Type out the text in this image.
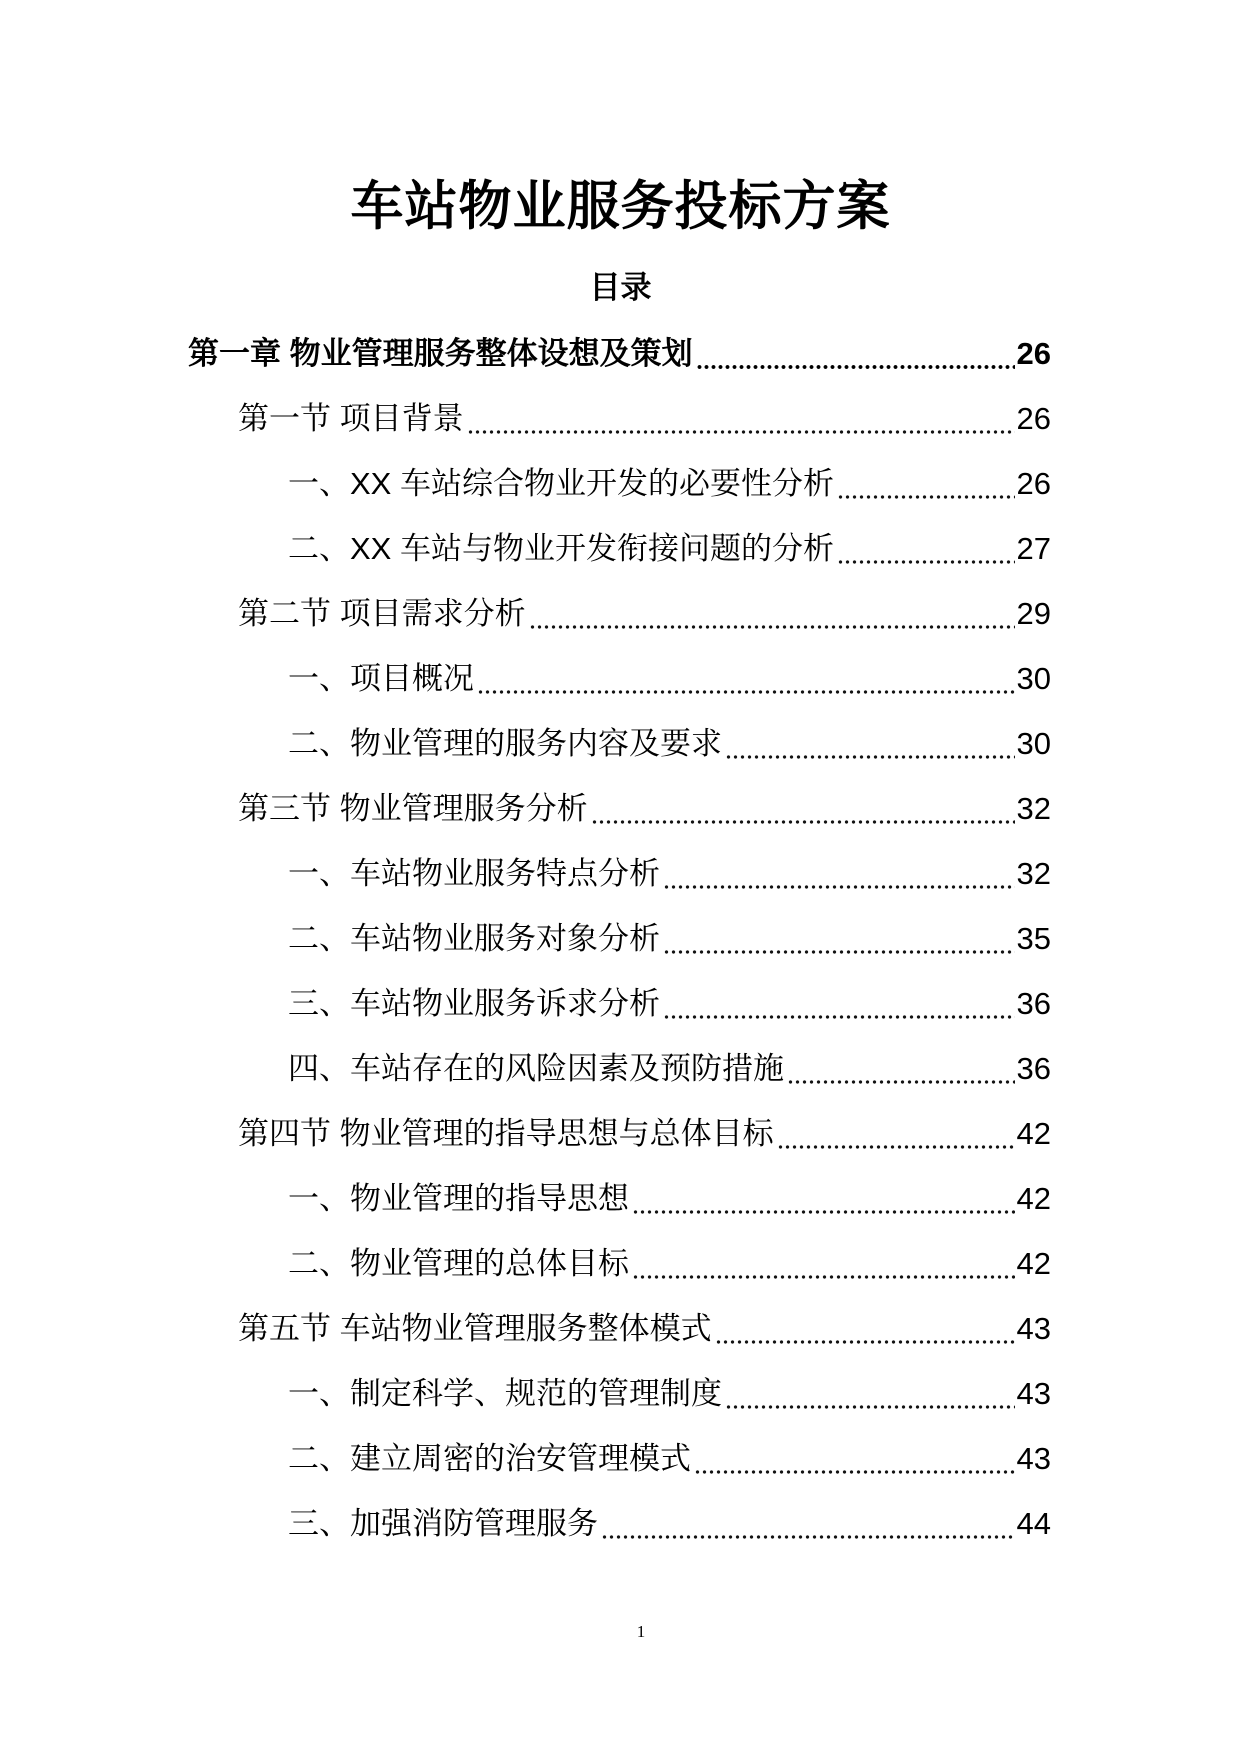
车站物业服务投标方案
目录
第一章 物业管理服务整体设想及策划	26
第一节 项目背景	26
一、XX 车站综合物业开发的必要性分析	26
二、XX 车站与物业开发衔接问题的分析	27
第二节 项目需求分析	29
一、项目概况	30
二、物业管理的服务内容及要求	30
第三节 物业管理服务分析	32
一、车站物业服务特点分析	32
二、车站物业服务对象分析	35
三、车站物业服务诉求分析	36
四、车站存在的风险因素及预防措施	36
第四节 物业管理的指导思想与总体目标	42
一、物业管理的指导思想	42
二、物业管理的总体目标	42
第五节 车站物业管理服务整体模式	43
一、制定科学、规范的管理制度	43
二、建立周密的治安管理模式	43
三、加强消防管理服务	44
1
